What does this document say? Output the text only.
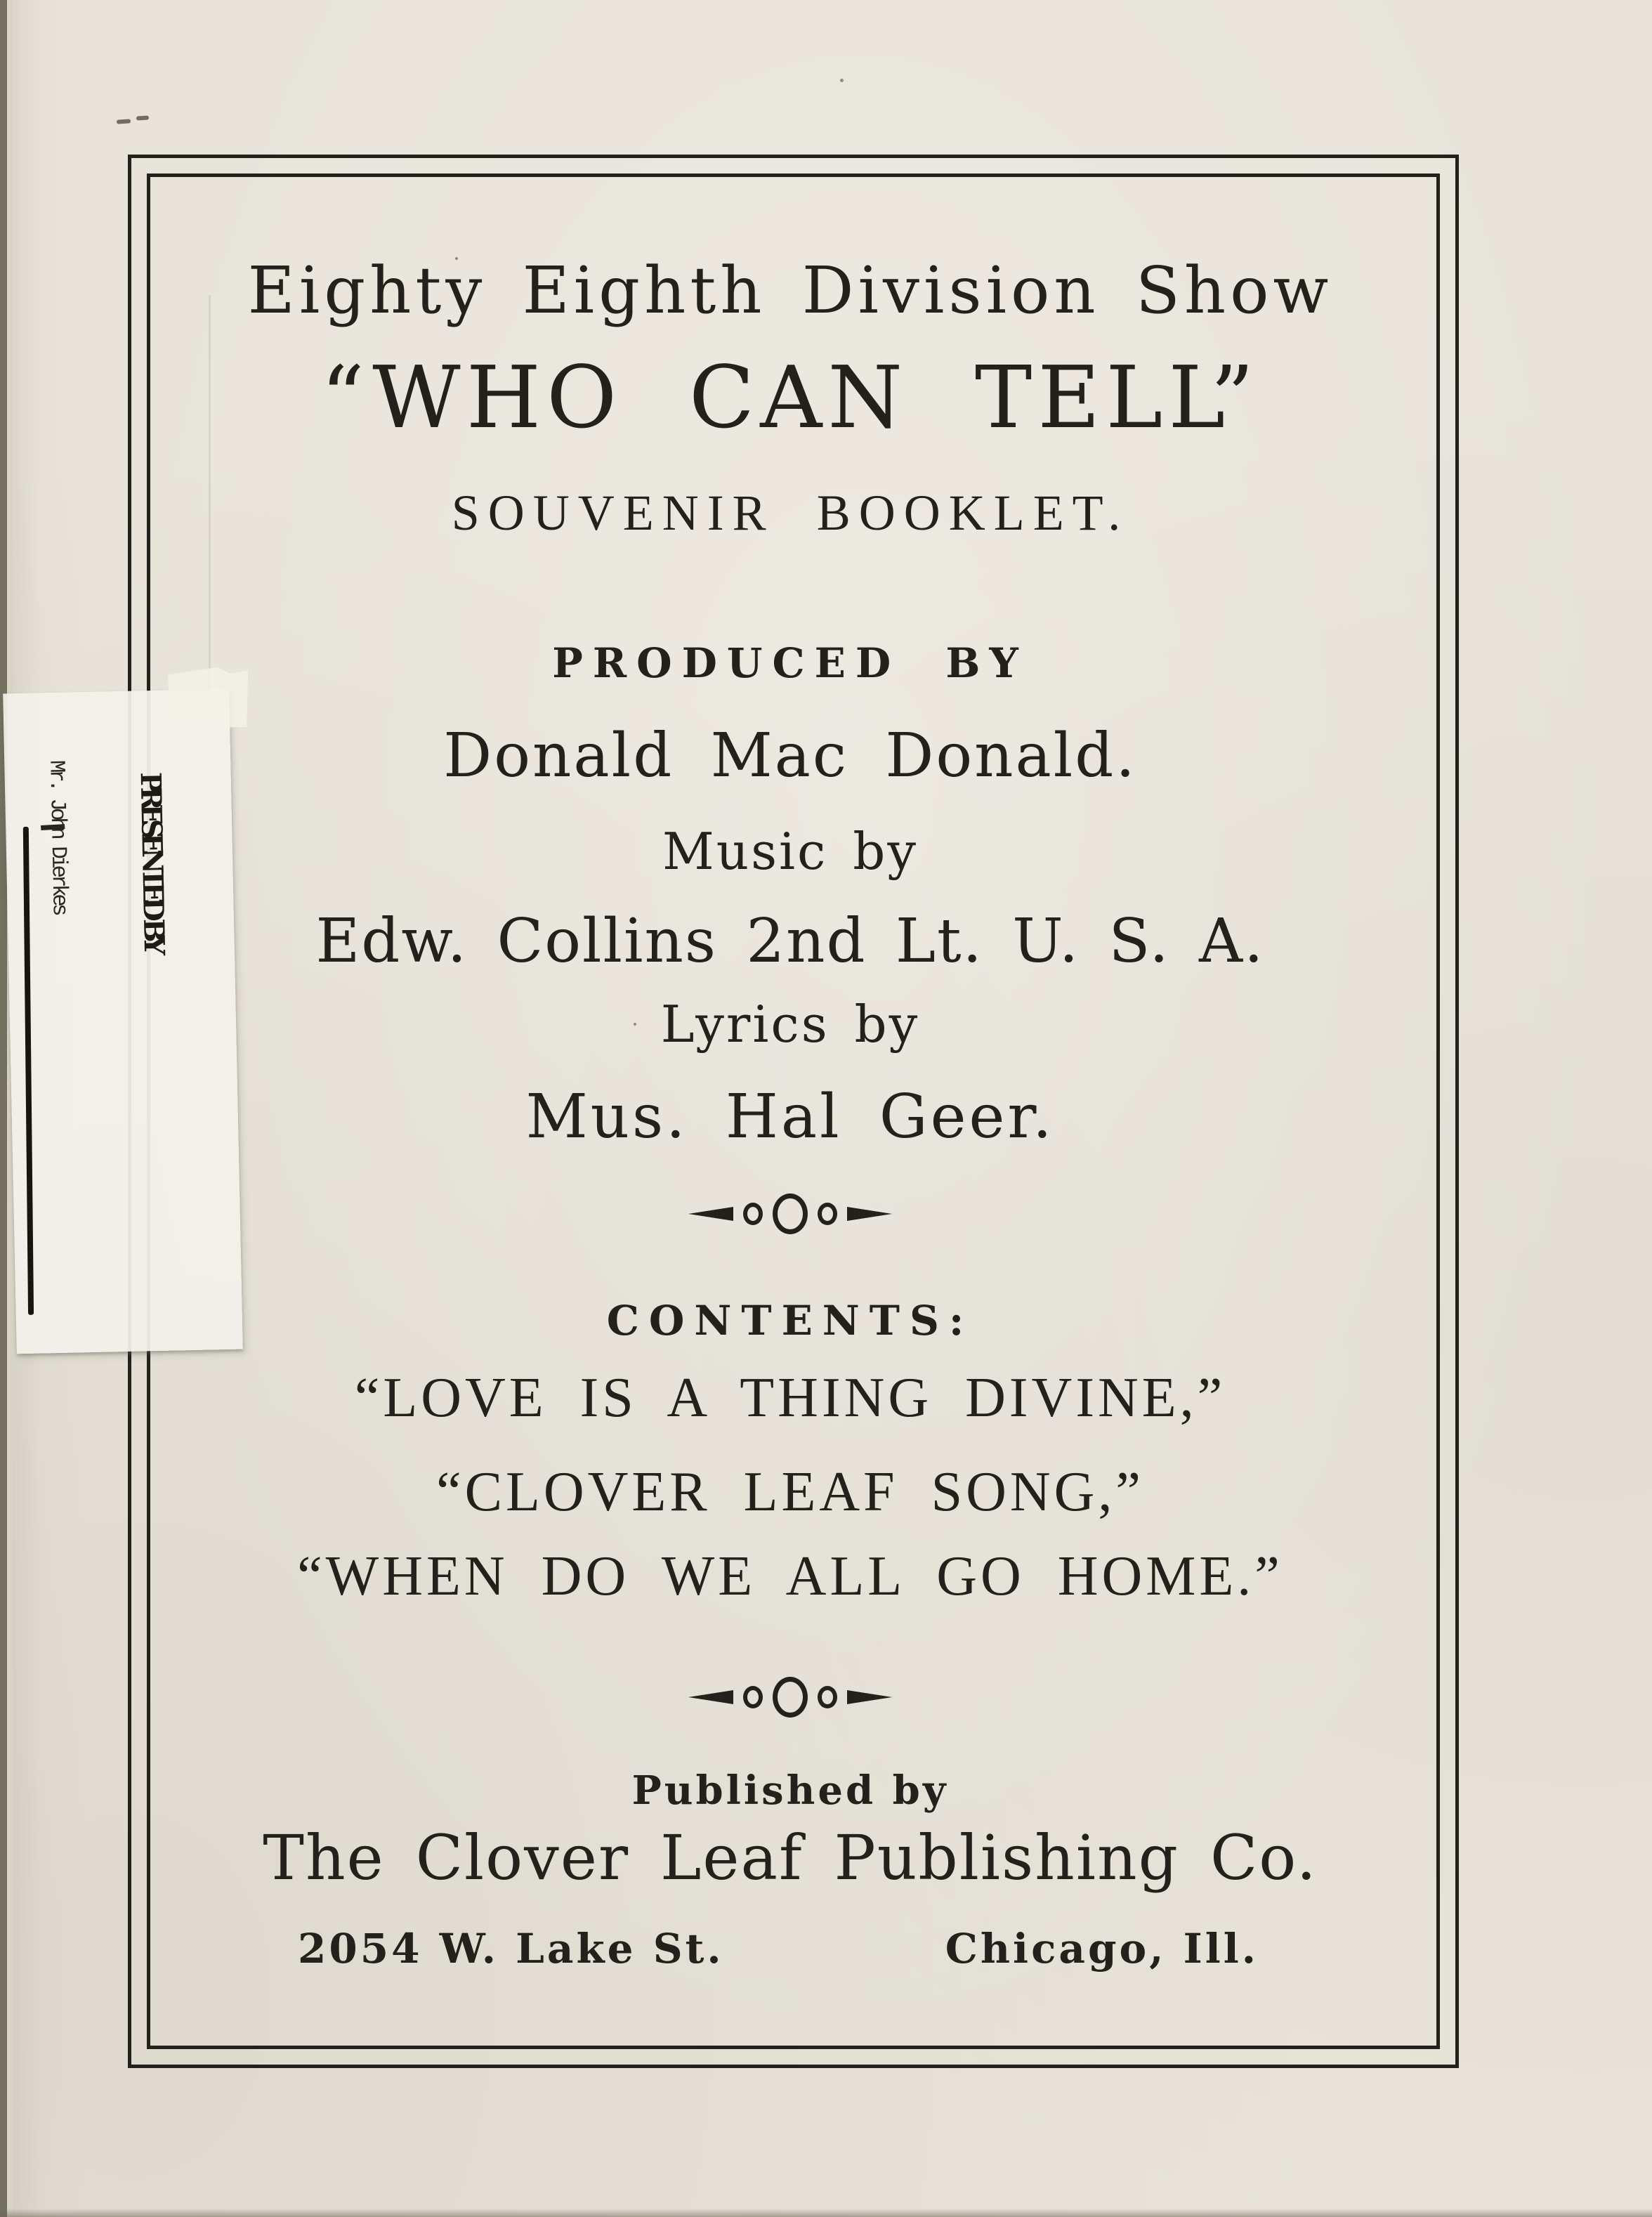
Eighty Eighth Division Show
“WHO CAN TELL”
SOUVENIR BOOKLET.
PRODUCED BY
Donald Mac Donald.
Music by
Edw. Collins 2nd Lt. U. S. A.
Lyrics by
Mus. Hal Geer.
CONTENTS:
“LOVE IS A THING DIVINE,”
“CLOVER LEAF SONG,”
“WHEN DO WE ALL GO HOME.”
Published by
The Clover Leaf Publishing Co.
2054 W. Lake St.	Chicago, Ill.
PRESENTED BY
Mr. John Dierkes
